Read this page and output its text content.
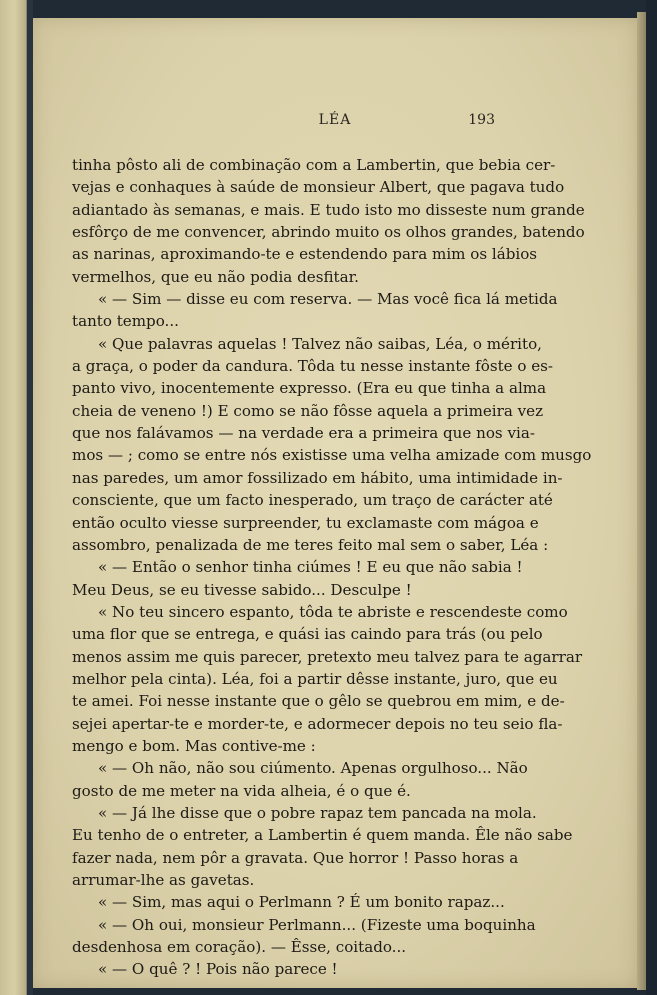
LÉA	193
tinha pôsto ali de combinação com a Lambertin, que bebia cer-
vejas e conhaques à saúde de monsieur Albert, que pagava tudo
adiantado às semanas, e mais. E tudo isto mo disseste num grande
esfôrço de me convencer, abrindo muito os olhos grandes, batendo
as narinas, aproximando-te e estendendo para mim os lábios
vermelhos, que eu não podia desfitar.
« — Sim — disse eu com reserva. — Mas você fica lá metida
tanto tempo...
« Que palavras aquelas ! Talvez não saibas, Léa, o mérito,
a graça, o poder da candura. Tôda tu nesse instante fôste o es-
panto vivo, inocentemente expresso. (Era eu que tinha a alma
cheia de veneno !) E como se não fôsse aquela a primeira vez
que nos falávamos — na verdade era a primeira que nos via-
mos — ; como se entre nós existisse uma velha amizade com musgo
nas paredes, um amor fossilizado em hábito, uma intimidade in-
consciente, que um facto inesperado, um traço de carácter até
então oculto viesse surpreender, tu exclamaste com mágoa e
assombro, penalizada de me teres feito mal sem o saber, Léa :
« — Então o senhor tinha ciúmes ! E eu que não sabia !
Meu Deus, se eu tivesse sabido... Desculpe !
« No teu sincero espanto, tôda te abriste e rescendeste como
uma flor que se entrega, e quási ias caindo para trás (ou pelo
menos assim me quis parecer, pretexto meu talvez para te agarrar
melhor pela cinta). Léa, foi a partir dêsse instante, juro, que eu
te amei. Foi nesse instante que o gêlo se quebrou em mim, e de-
sejei apertar-te e morder-te, e adormecer depois no teu seio fla-
mengo e bom. Mas contive-me :
« — Oh não, não sou ciúmento. Apenas orgulhoso... Não
gosto de me meter na vida alheia, é o que é.
« — Já lhe disse que o pobre rapaz tem pancada na mola.
Eu tenho de o entreter, a Lambertin é quem manda. Êle não sabe
fazer nada, nem pôr a gravata. Que horror ! Passo horas a
arrumar-lhe as gavetas.
« — Sim, mas aqui o Perlmann ? É um bonito rapaz...
« — Oh oui, monsieur Perlmann... (Fizeste uma boquinha
desdenhosa em coração). — Êsse, coitado...
« — O quê ? ! Pois não parece !
